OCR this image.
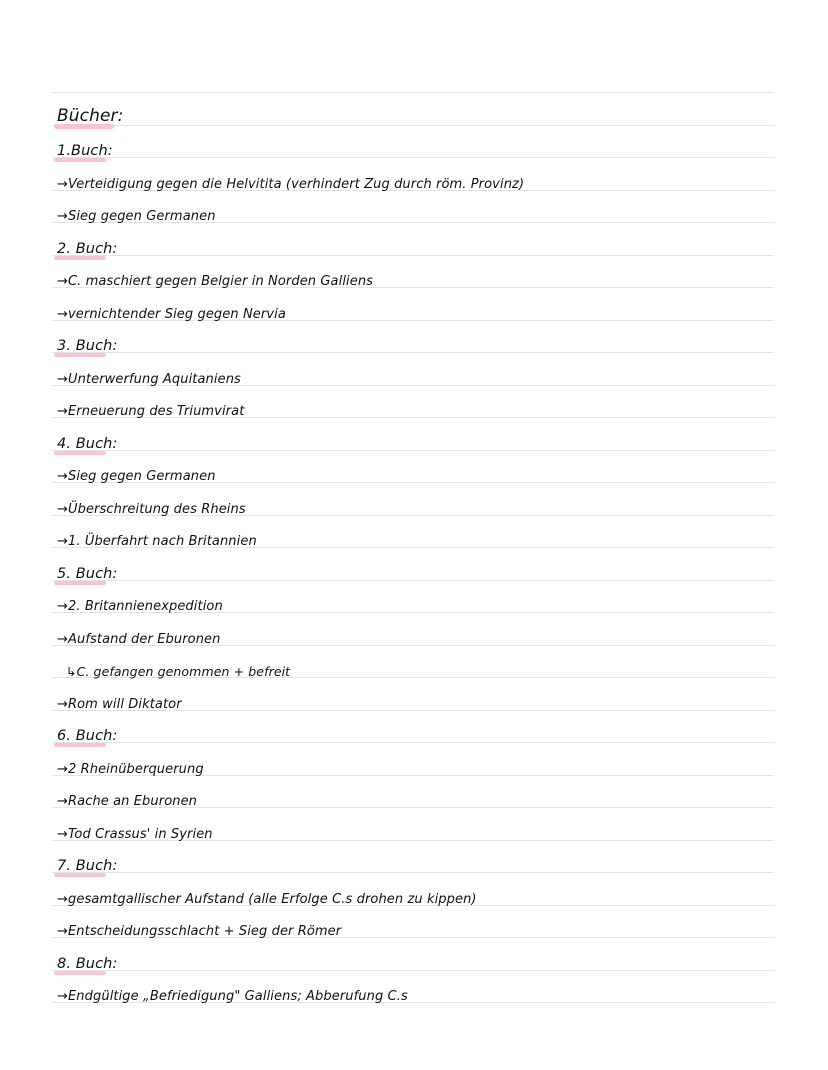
Bücher:
1.Buch:
→Verteidigung gegen die Helvitita (verhindert Zug durch röm. Provinz)
→Sieg gegen Germanen
2. Buch:
→C. maschiert gegen Belgier in Norden Galliens
→vernichtender Sieg gegen Nervia
3. Buch:
→Unterwerfung Aquitaniens
→Erneuerung des Triumvirat
4. Buch:
→Sieg gegen Germanen
→Überschreitung des Rheins
→1. Überfahrt nach Britannien
5. Buch:
→2. Britannienexpedition
→Aufstand der Eburonen
↳C. gefangen genommen + befreit
→Rom will Diktator
6. Buch:
→2 Rheinüberquerung
→Rache an Eburonen
→Tod Crassus' in Syrien
7. Buch:
→gesamtgallischer Aufstand (alle Erfolge C.s drohen zu kippen)
→Entscheidungsschlacht + Sieg der Römer
8. Buch:
→Endgültige „Befriedigung" Galliens; Abberufung C.s
